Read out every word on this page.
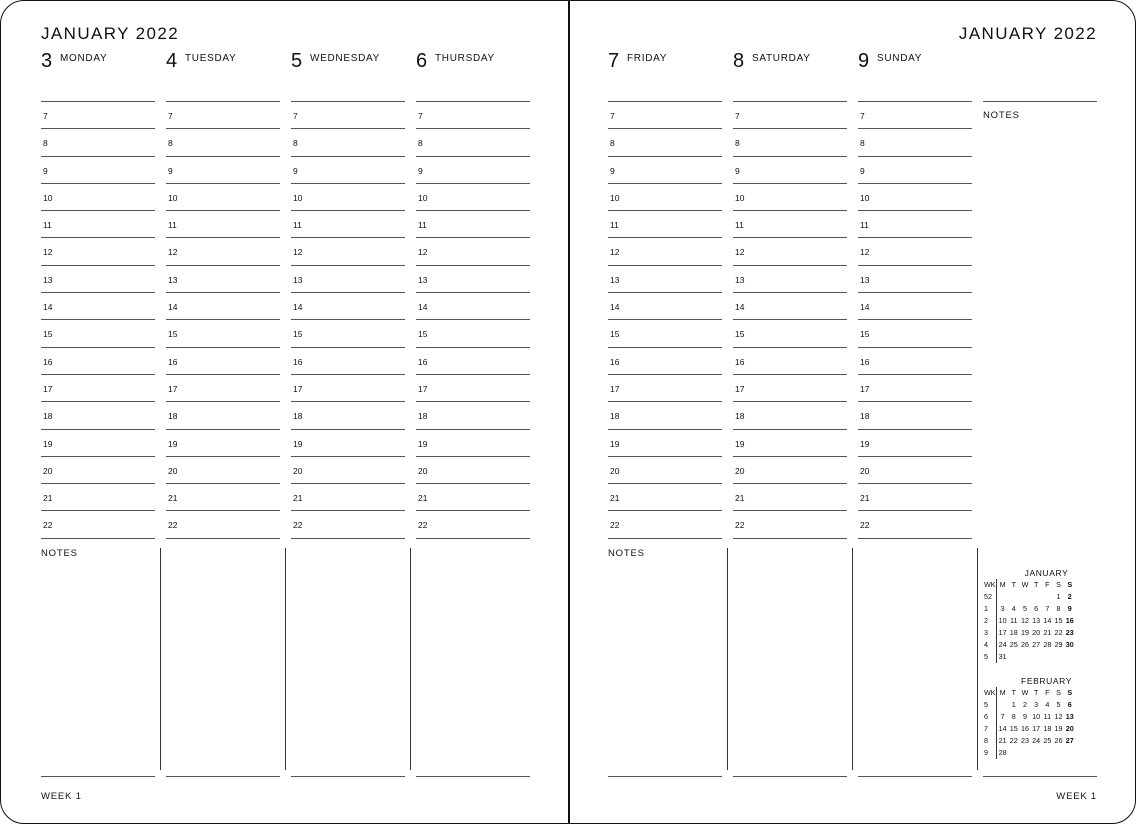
JANUARY 2022	JANUARY 2022
WEEK 1	WEEK 1
NOTES
3 MONDAY
7
8
9
10
11
12
13
14
15
16
17
18
19
20
21
22
4 TUESDAY
7
8
9
10
11
12
13
14
15
16
17
18
19
20
21
22
5 WEDNESDAY
7
8
9
10
11
12
13
14
15
16
17
18
19
20
21
22
6 THURSDAY
7
8
9
10
11
12
13
14
15
16
17
18
19
20
21
22
7 FRIDAY
7
8
9
10
11
12
13
14
15
16
17
18
19
20
21
22
8 SATURDAY
7
8
9
10
11
12
13
14
15
16
17
18
19
20
21
22
9 SUNDAY
7
8
9
10
11
12
13
14
15
16
17
18
19
20
21
22
NOTES	NOTES
JANUARY
WK	M	T	W	T	F	S	S
52						1	2
1	3	4	5	6	7	8	9
2	10	11	12	13	14	15	16
3	17	18	19	20	21	22	23
4	24	25	26	27	28	29	30
5	31						
FEBRUARY
WK	M	T	W	T	F	S	S
5		1	2	3	4	5	6
6	7	8	9	10	11	12	13
7	14	15	16	17	18	19	20
8	21	22	23	24	25	26	27
9	28						
